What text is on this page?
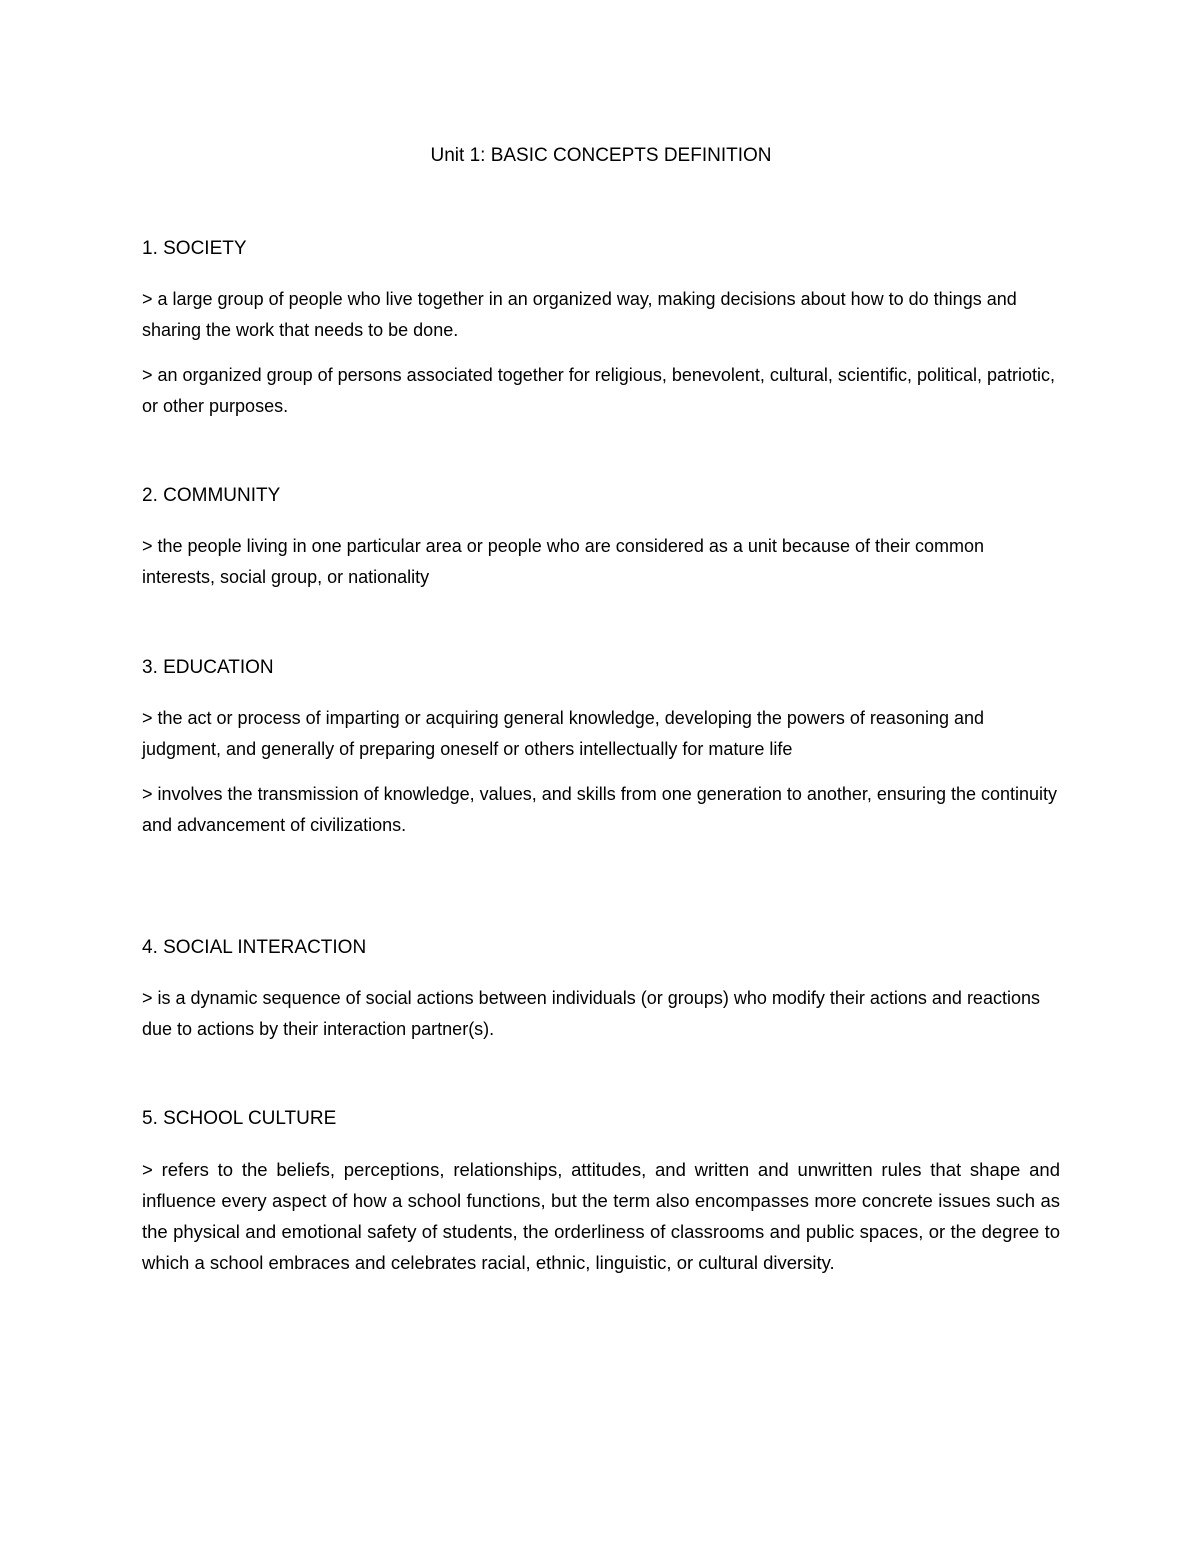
Unit 1: BASIC CONCEPTS DEFINITION
1. SOCIETY

> a large group of people who live together in an organized way, making decisions about how to do things and sharing the work that needs to be done.

> an organized group of persons associated together for religious, benevolent, cultural, scientific, political, patriotic, or other purposes.

2. COMMUNITY

> the people living in one particular area or people who are considered as a unit because of their common interests, social group, or nationality

3. EDUCATION

> the act or process of imparting or acquiring general knowledge, developing the powers of reasoning and judgment, and generally of preparing oneself or others intellectually for mature life

> involves the transmission of knowledge, values, and skills from one generation to another, ensuring the continuity and advancement of civilizations.

4. SOCIAL INTERACTION

> is a dynamic sequence of social actions between individuals (or groups) who modify their actions and reactions due to actions by their interaction partner(s).

5. SCHOOL CULTURE

> refers to the beliefs, perceptions, relationships, attitudes, and written and unwritten rules that shape and influence every aspect of how a school functions, but the term also encompasses more concrete issues such as the physical and emotional safety of students, the orderliness of classrooms and public spaces, or the degree to which a school embraces and celebrates racial, ethnic, linguistic, or cultural diversity.
